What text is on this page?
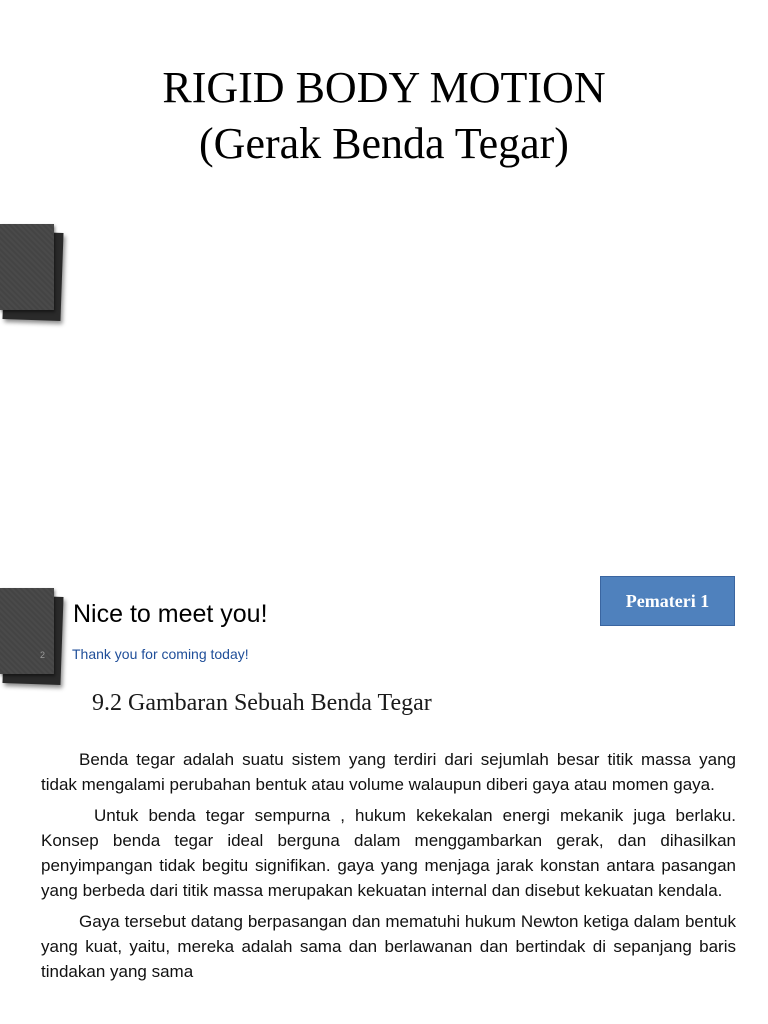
RIGID BODY MOTION
(Gerak Benda Tegar)
2
Nice to meet you!
Thank you for coming today!
Pemateri 1
9.2 Gambaran Sebuah Benda Tegar

Benda tegar adalah suatu sistem yang terdiri dari sejumlah besar titik massa yang tidak mengalami perubahan bentuk atau volume walaupun diberi gaya atau momen gaya.

Untuk benda tegar sempurna , hukum kekekalan energi mekanik juga berlaku. Konsep benda tegar ideal berguna dalam menggambarkan gerak, dan dihasilkan penyimpangan tidak begitu signifikan. gaya yang menjaga jarak konstan antara pasangan yang berbeda dari titik massa merupakan kekuatan internal dan disebut kekuatan kendala.

Gaya tersebut datang berpasangan dan mematuhi hukum Newton ketiga dalam bentuk yang kuat, yaitu, mereka adalah sama dan berlawanan dan bertindak di sepanjang baris tindakan yang sama
